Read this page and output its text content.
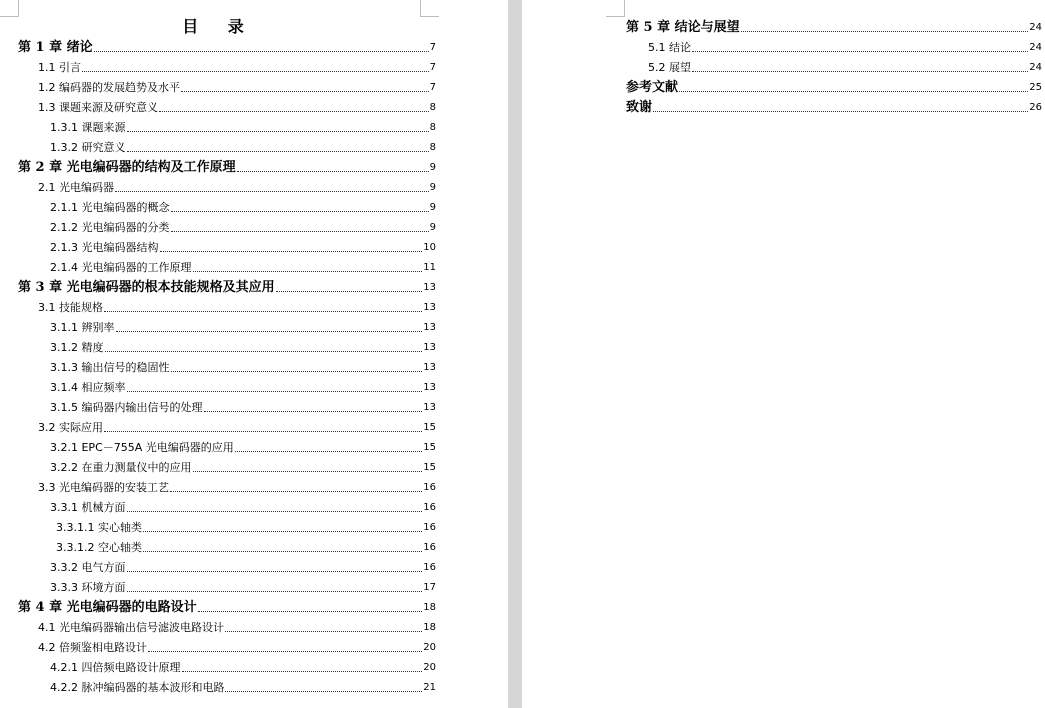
目 录
第 1 章 绪论	7
1.1 引言	7
1.2 编码器的发展趋势及水平	7
1.3 课题来源及研究意义	8
1.3.1 课题来源	8
1.3.2 研究意义	8
第 2 章 光电编码器的结构及工作原理	9
2.1 光电编码器	9
2.1.1 光电编码器的概念	9
2.1.2 光电编码器的分类	9
2.1.3 光电编码器结构	10
2.1.4 光电编码器的工作原理	11
第 3 章 光电编码器的根本技能规格及其应用	13
3.1 技能规格	13
3.1.1 辨别率	13
3.1.2 精度	13
3.1.3 输出信号的稳固性	13
3.1.4 相应频率	13
3.1.5 编码器内输出信号的处理	13
3.2 实际应用	15
3.2.1 EPC－755A 光电编码器的应用	15
3.2.2 在重力测量仪中的应用	15
3.3 光电编码器的安装工艺	16
3.3.1 机械方面	16
3.3.1.1 实心轴类	16
3.3.1.2 空心轴类	16
3.3.2 电气方面	16
3.3.3 环境方面	17
第 4 章 光电编码器的电路设计	18
4.1 光电编码器输出信号滤波电路设计	18
4.2 倍频鉴相电路设计	20
4.2.1 四倍频电路设计原理	20
4.2.2 脉冲编码器的基本波形和电路	21
第 5 章 结论与展望	24
5.1 结论	24
5.2 展望	24
参考文献	25
致谢	26
